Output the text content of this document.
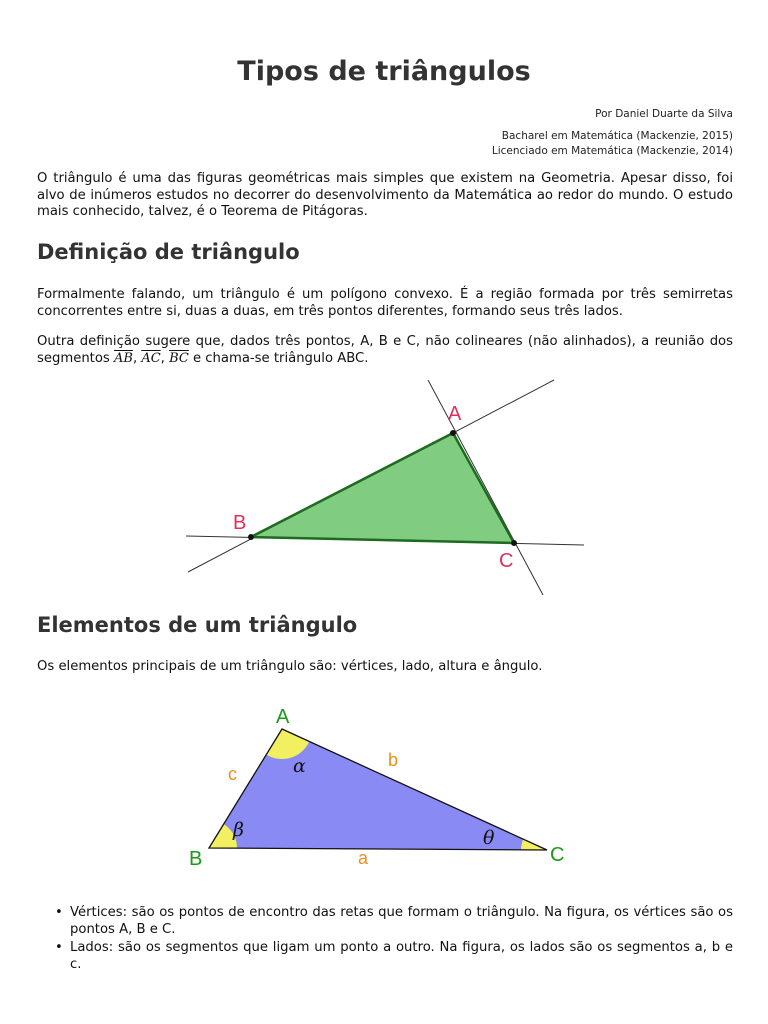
Tipos de triângulos
Por Daniel Duarte da Silva
Bacharel em Matemática (Mackenzie, 2015)
Licenciado em Matemática (Mackenzie, 2014)

O triângulo é uma das figuras geométricas mais simples que existem na Geometria. Apesar disso, foi alvo de inúmeros estudos no decorrer do desenvolvimento da Matemática ao redor do mundo. O estudo mais conhecido, talvez, é o Teorema de Pitágoras.

Definição de triângulo

Formalmente falando, um triângulo é um polígono convexo. É a região formada por três semirretas concorrentes entre si, duas a duas, em três pontos diferentes, formando seus três lados.

Outra definição sugere que, dados três pontos, A, B e C, não colineares (não alinhados), a reunião dos segmentos $\overline{AB}$, $\overline{AC}$, $\overline{BC}$ e chama-se triângulo ABC.

A
B
C
Elementos de um triângulo

Os elementos principais de um triângulo são: vértices, lado, altura e ângulo.

A
B	C
c
b
a
α
β	θ
• Vértices: são os pontos de encontro das retas que formam o triângulo. Na figura, os vértices são os pontos A, B e C.
• Lados: são os segmentos que ligam um ponto a outro. Na figura, os lados são os segmentos a, b e c.
